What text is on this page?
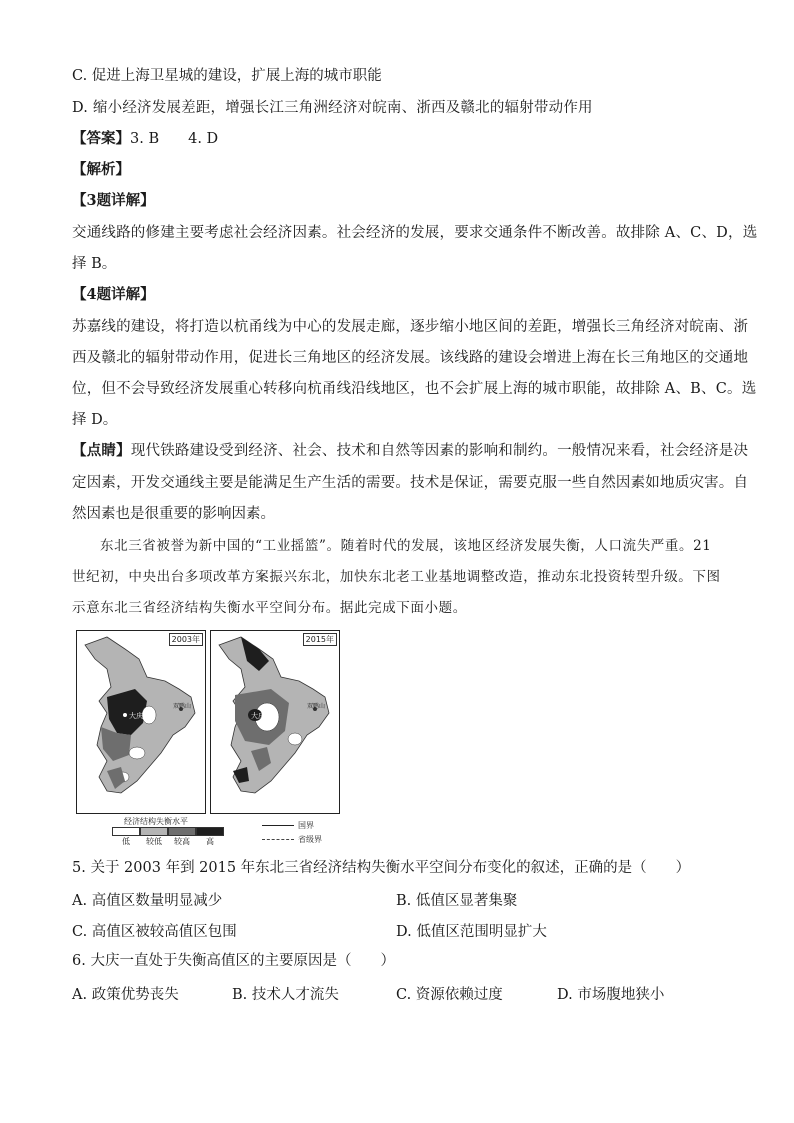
C. 促进上海卫星城的建设，扩展上海的城市职能
D. 缩小经济发展差距，增强长江三角洲经济对皖南、浙西及赣北的辐射带动作用
【答案】3. B　　4. D
【解析】
【3题详解】
交通线路的修建主要考虑社会经济因素。社会经济的发展，要求交通条件不断改善。故排除 A、C、D，选
择 B。
【4题详解】
苏嘉线的建设，将打造以杭甬线为中心的发展走廊，逐步缩小地区间的差距，增强长三角经济对皖南、浙
西及赣北的辐射带动作用，促进长三角地区的经济发展。该线路的建设会增进上海在长三角地区的交通地
位，但不会导致经济发展重心转移向杭甬线沿线地区，也不会扩展上海的城市职能，故排除 A、B、C。选
择 D。
【点睛】现代铁路建设受到经济、社会、技术和自然等因素的影响和制约。一般情况来看，社会经济是决
定因素，开发交通线主要是能满足生产生活的需要。技术是保证，需要克服一些自然因素如地质灾害。自
然因素也是很重要的影响因素。
东北三省被誉为新中国的“工业摇篮”。随着时代的发展，该地区经济发展失衡，人口流失严重。21
世纪初，中央出台多项改革方案振兴东北，加快东北老工业基地调整改造，推动东北投资转型升级。下图
示意东北三省经济结构失衡水平空间分布。据此完成下面小题。
2003年
大庆
双鸭山
2015年
大庆
双鸭山
经济结构失衡水平
低	较低	较高	高
国界
省级界
5. 关于 2003 年到 2015 年东北三省经济结构失衡水平空间分布变化的叙述，正确的是（　　）
A. 高值区数量明显减少	B. 低值区显著集聚
C. 高值区被较高值区包围	D. 低值区范围明显扩大
6. 大庆一直处于失衡高值区的主要原因是（　　）
A. 政策优势丧失	B. 技术人才流失	C. 资源依赖过度	D. 市场腹地狭小
